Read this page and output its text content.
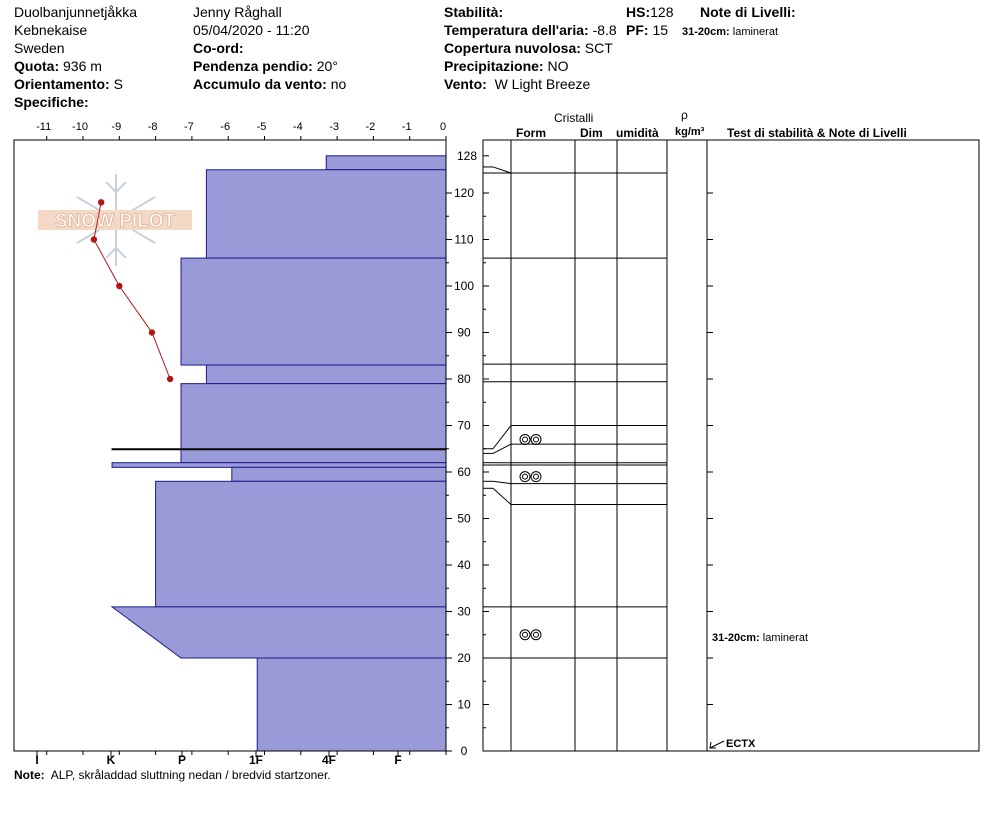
Duolbanjunnetjåkka
Kebnekaise
Sweden
Quota: 936 m
Orientamento: S
Specifiche:
Jenny Råghall
05/04/2020 - 11:20
Co-ord:
Pendenza pendio: 20°
Accumulo da vento: no
Stabilità:
Temperatura dell'aria: -8.8
Copertura nuvolosa: SCT
Precipitazione: NO
Vento: W Light Breeze
HS:128
PF: 15
Note di Livelli:
31-20cm: laminerat
Cristalli
Form	Dim umidità
ρ
kg/m³ Test di stabilità & Note di Livelli
-11 -10 -9 -8 -7 -6 -5 -4 -3 -2 -1	0
I	K	P	1F	4F	F
0
10
20
30
40
50
60
70
80
90
100
110
120
128
SNOW PILOT
31-20cm: laminerat
ECTX
Note: ALP, skrålаddad sluttning nedan / bredvid startzoner.
